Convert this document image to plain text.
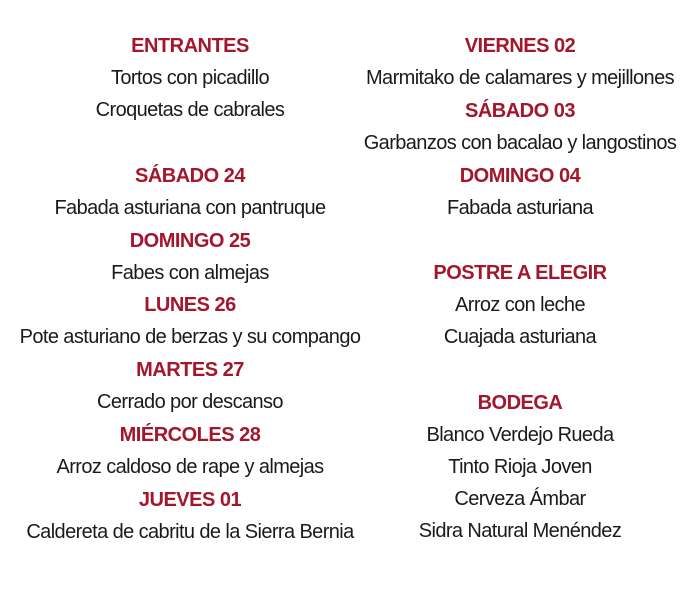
ENTRANTES
Tortos con picadillo
Croquetas de cabrales
SÁBADO 24
Fabada asturiana con pantruque
DOMINGO 25
Fabes con almejas
LUNES 26
Pote asturiano de berzas y su compango
MARTES 27
Cerrado por descanso
MIÉRCOLES 28
Arroz caldoso de rape y almejas
JUEVES 01
Caldereta de cabritu de la Sierra Bernia
VIERNES 02
Marmitako de calamares y mejillones
SÁBADO 03
Garbanzos con bacalao y langostinos
DOMINGO 04
Fabada asturiana
POSTRE A ELEGIR
Arroz con leche
Cuajada asturiana
BODEGA
Blanco Verdejo Rueda
Tinto Rioja Joven
Cerveza Ámbar
Sidra Natural Menéndez
